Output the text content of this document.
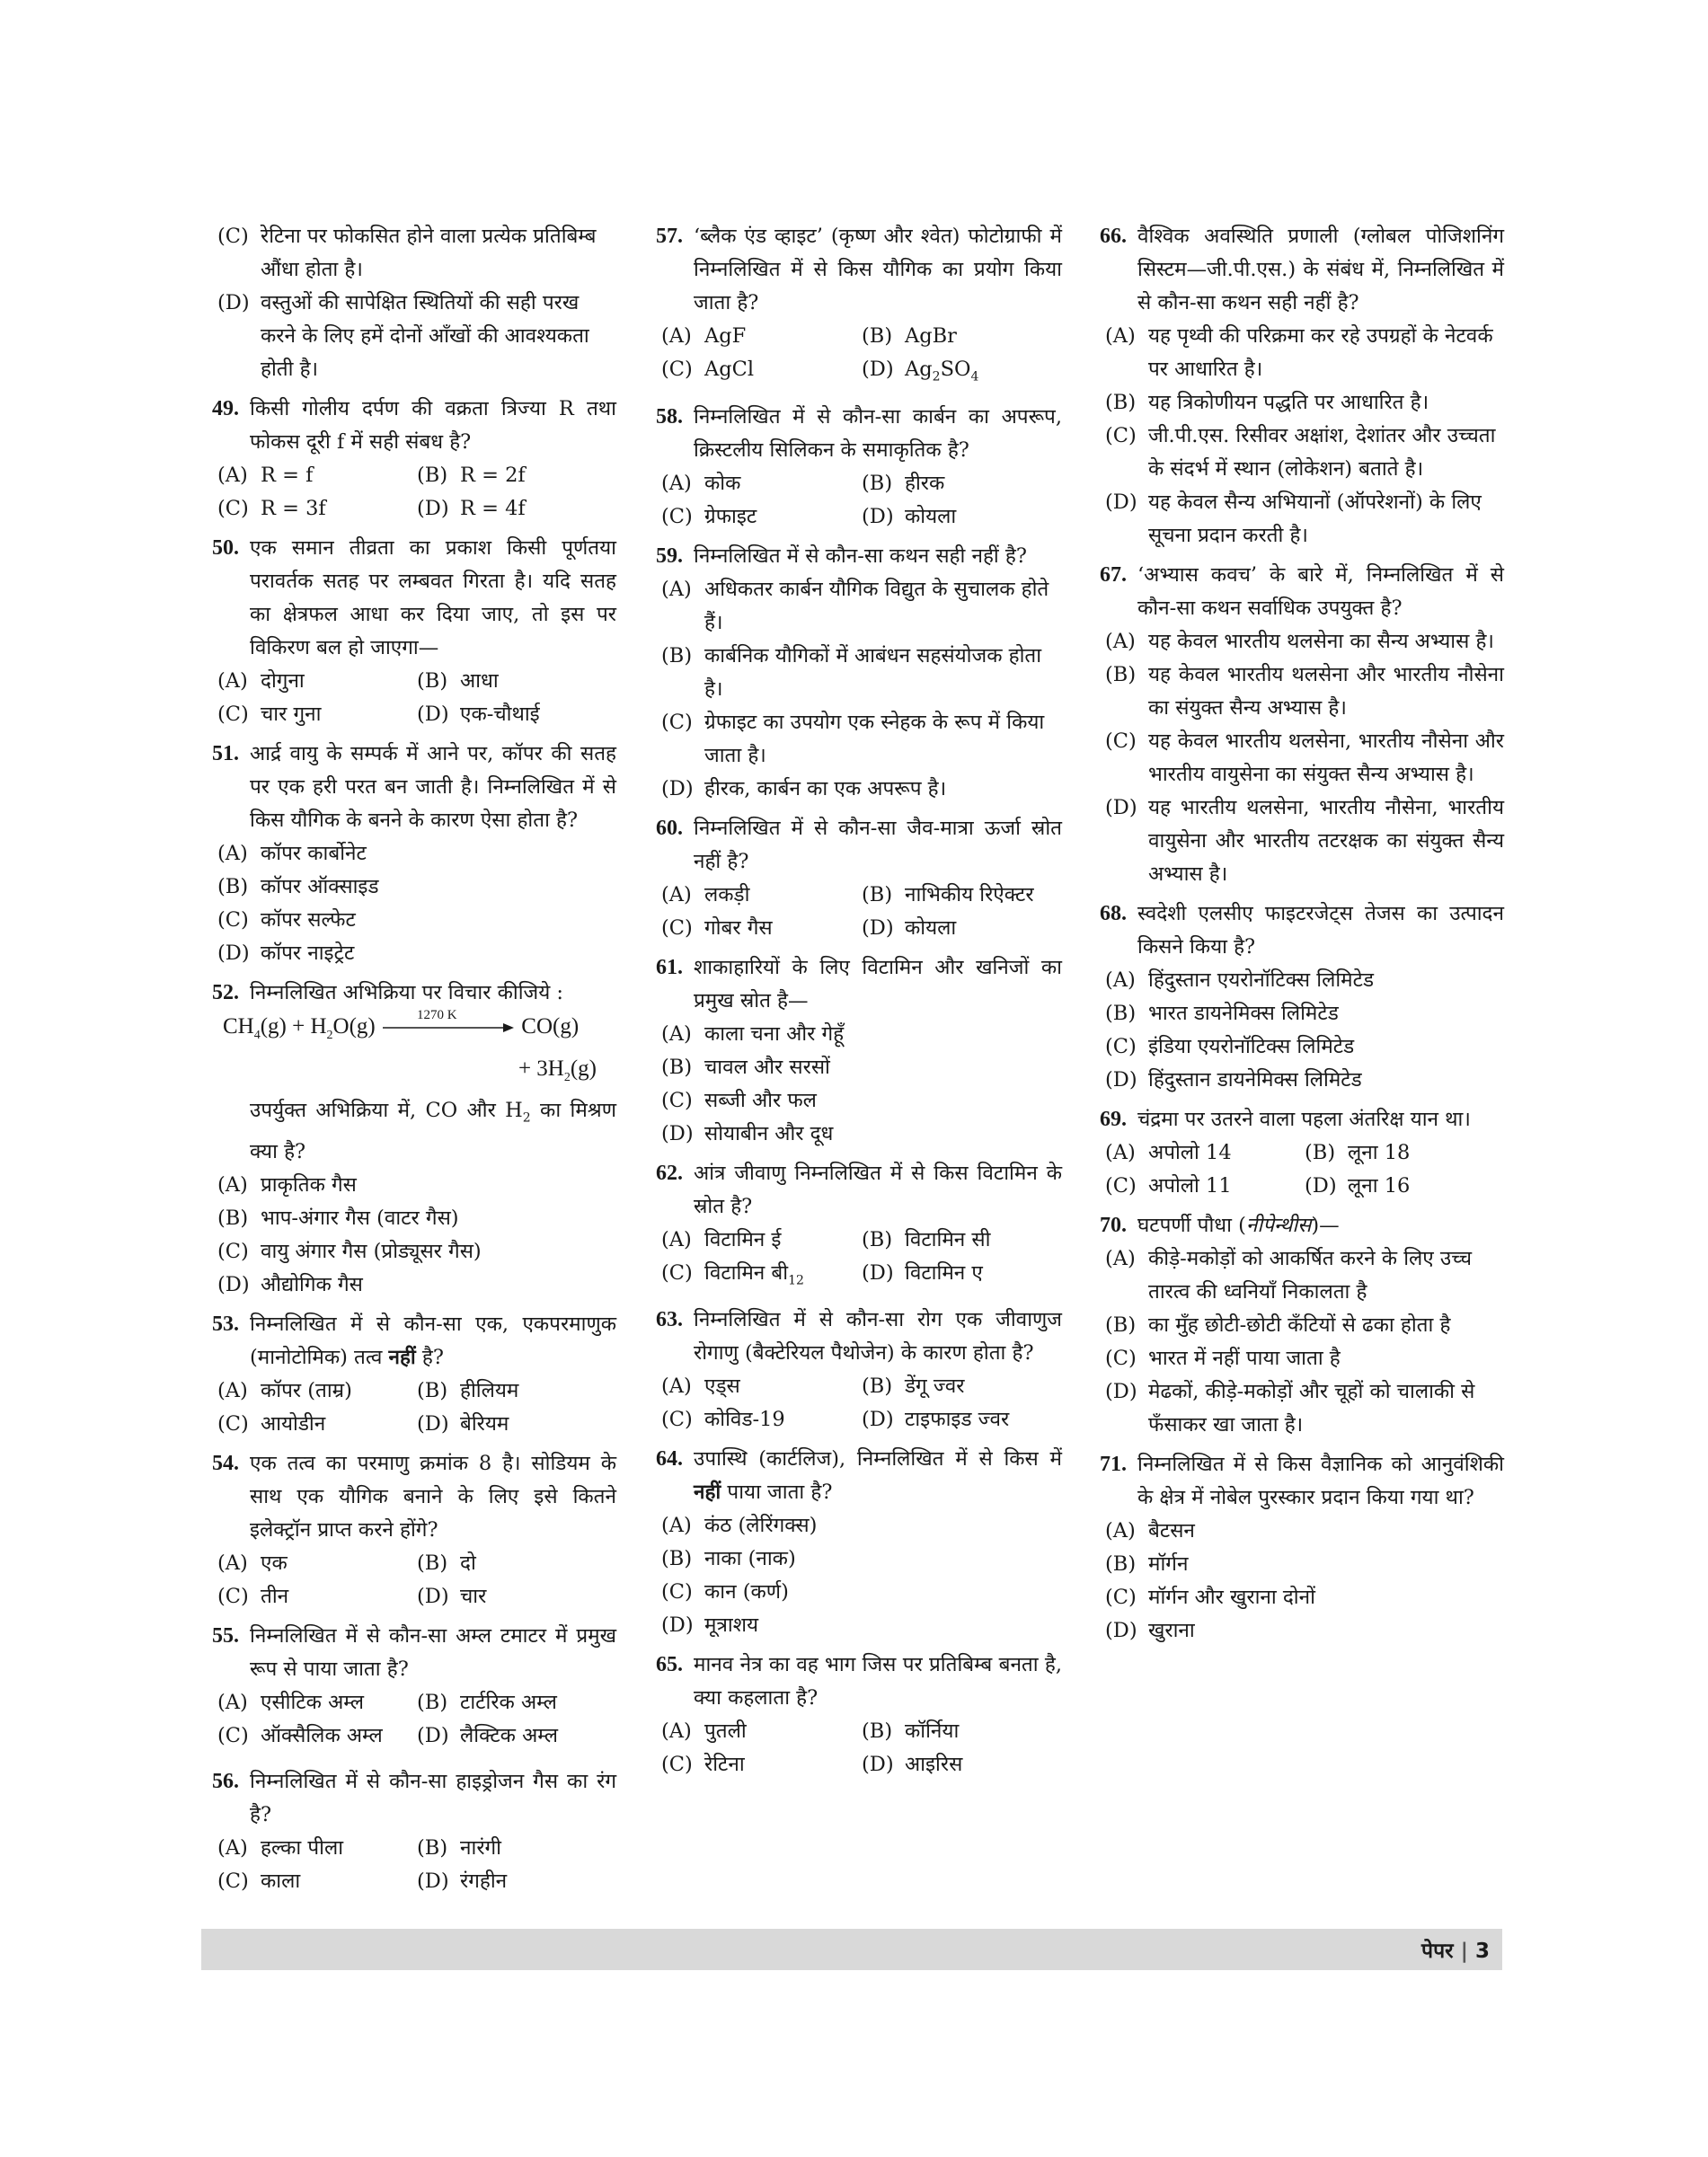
(C) रेटिना पर फोकसित होने वाला प्रत्येक प्रतिबिम्ब औंधा होता है।
(D) वस्तुओं की सापेक्षित स्थितियों की सही परख करने के लिए हमें दोनों आँखों की आवश्यकता होती है।
49. किसी गोलीय दर्पण की वक्रता त्रिज्या R तथा फोकस दूरी f में सही संबध है?
(A) R = f	(B) R = 2f
(C) R = 3f	(D) R = 4f
50. एक समान तीव्रता का प्रकाश किसी पूर्णतया परावर्तक सतह पर लम्बवत गिरता है। यदि सतह का क्षेत्रफल आधा कर दिया जाए, तो इस पर विकिरण बल हो जाएगा—
(A) दोगुना	(B) आधा
(C) चार गुना	(D) एक-चौथाई
51. आर्द्र वायु के सम्पर्क में आने पर, कॉपर की सतह पर एक हरी परत बन जाती है। निम्नलिखित में से किस यौगिक के बनने के कारण ऐसा होता है?
(A) कॉपर कार्बोनेट
(B) कॉपर ऑक्साइड
(C) कॉपर सल्फेट
(D) कॉपर नाइट्रेट
52. निम्नलिखित अभिक्रिया पर विचार कीजिये :
$CH_4(g) + H_2O(g)$	1270 K	CO(g)
+ $3H_2(g)$
उपर्युक्त अभिक्रिया में, CO और $H_2$ का मिश्रण क्या है?
(A) प्राकृतिक गैस
(B) भाप-अंगार गैस (वाटर गैस)
(C) वायु अंगार गैस (प्रोड्यूसर गैस)
(D) औद्योगिक गैस
53. निम्नलिखित में से कौन-सा एक, एकपरमाणुक (मानोटोमिक) तत्व नहीं है?
(A) कॉपर (ताम्र)	(B) हीलियम
(C) आयोडीन	(D) बेरियम
54. एक तत्व का परमाणु क्रमांक 8 है। सोडियम के साथ एक यौगिक बनाने के लिए इसे कितने इलेक्ट्रॉन प्राप्त करने होंगे?
(A) एक	(B) दो
(C) तीन	(D) चार
55. निम्नलिखित में से कौन-सा अम्ल टमाटर में प्रमुख रूप से पाया जाता है?
(A) एसीटिक अम्ल	(B) टार्टरिक अम्ल
(C) ऑक्सैलिक अम्ल	(D) लैक्टिक अम्ल
56. निम्नलिखित में से कौन-सा हाइड्रोजन गैस का रंग है?
(A) हल्का पीला	(B) नारंगी
(C) काला	(D) रंगहीन
57. ‘ब्लैक एंड व्हाइट’ (कृष्ण और श्वेत) फोटोग्राफी में निम्नलिखित में से किस यौगिक का प्रयोग किया जाता है?
(A) AgF	(B) AgBr
(C) AgCl	(D) $Ag_2SO_4$
58. निम्नलिखित में से कौन-सा कार्बन का अपरूप, क्रिस्टलीय सिलिकन के समाकृतिक है?
(A) कोक	(B) हीरक
(C) ग्रेफाइट	(D) कोयला
59. निम्नलिखित में से कौन-सा कथन सही नहीं है?
(A) अधिकतर कार्बन यौगिक विद्युत के सुचालक होते हैं।
(B) कार्बनिक यौगिकों में आबंधन सहसंयोजक होता है।
(C) ग्रेफाइट का उपयोग एक स्नेहक के रूप में किया जाता है।
(D) हीरक, कार्बन का एक अपरूप है।
60. निम्नलिखित में से कौन-सा जैव-मात्रा ऊर्जा स्रोत नहीं है?
(A) लकड़ी	(B) नाभिकीय रिऐक्टर
(C) गोबर गैस	(D) कोयला
61. शाकाहारियों के लिए विटामिन और खनिजों का प्रमुख स्रोत है—
(A) काला चना और गेहूँ
(B) चावल और सरसों
(C) सब्जी और फल
(D) सोयाबीन और दूध
62. आंत्र जीवाणु निम्नलिखित में से किस विटामिन के स्रोत है?
(A) विटामिन ई	(B) विटामिन सी
(C) विटामिन $बी_{12}$	(D) विटामिन ए
63. निम्नलिखित में से कौन-सा रोग एक जीवाणुज रोगाणु (बैक्टेरियल पैथोजेन) के कारण होता है?
(A) एड्स	(B) डेंगू ज्वर
(C) कोविड-19	(D) टाइफाइड ज्वर
64. उपास्थि (कार्टलिज), निम्नलिखित में से किस में नहीं पाया जाता है?
(A) कंठ (लेरिंगक्स)
(B) नाका (नाक)
(C) कान (कर्ण)
(D) मूत्राशय
65. मानव नेत्र का वह भाग जिस पर प्रतिबिम्ब बनता है, क्या कहलाता है?
(A) पुतली	(B) कॉर्निया
(C) रेटिना	(D) आइरिस
66. वैश्विक अवस्थिति प्रणाली (ग्लोबल पोजिशनिंग सिस्टम—जी.पी.एस.) के संबंध में, निम्नलिखित में से कौन-सा कथन सही नहीं है?
(A) यह पृथ्वी की परिक्रमा कर रहे उपग्रहों के नेटवर्क पर आधारित है।
(B) यह त्रिकोणीयन पद्धति पर आधारित है।
(C) जी.पी.एस. रिसीवर अक्षांश, देशांतर और उच्चता के संदर्भ में स्थान (लोकेशन) बताते है।
(D) यह केवल सैन्य अभियानों (ऑपरेशनों) के लिए सूचना प्रदान करती है।
67. ‘अभ्यास कवच’ के बारे में, निम्नलिखित में से कौन-सा कथन सर्वाधिक उपयुक्त है?
(A) यह केवल भारतीय थलसेना का सैन्य अभ्यास है।
(B) यह केवल भारतीय थलसेना और भारतीय नौसेना का संयुक्त सैन्य अभ्यास है।
(C) यह केवल भारतीय थलसेना, भारतीय नौसेना और भारतीय वायुसेना का संयुक्त सैन्य अभ्यास है।
(D) यह भारतीय थलसेना, भारतीय नौसेना, भारतीय वायुसेना और भारतीय तटरक्षक का संयुक्त सैन्य अभ्यास है।
68. स्वदेशी एलसीए फाइटरजेट्स तेजस का उत्पादन किसने किया है?
(A) हिंदुस्तान एयरोनॉटिक्स लिमिटेड
(B) भारत डायनेमिक्स लिमिटेड
(C) इंडिया एयरोनॉटिक्स लिमिटेड
(D) हिंदुस्तान डायनेमिक्स लिमिटेड
69. चंद्रमा पर उतरने वाला पहला अंतरिक्ष यान था।
(A) अपोलो 14	(B) लूना 18
(C) अपोलो 11	(D) लूना 16
70. घटपर्णी पौधा (नीपेन्थीस)—
(A) कीड़े-मकोड़ों को आकर्षित करने के लिए उच्च तारत्व की ध्वनियाँ निकालता है
(B) का मुँह छोटी-छोटी कँटियों से ढका होता है
(C) भारत में नहीं पाया जाता है
(D) मेढकों, कीड़े-मकोड़ों और चूहों को चालाकी से फँसाकर खा जाता है।
71. निम्नलिखित में से किस वैज्ञानिक को आनुवंशिकी के क्षेत्र में नोबेल पुरस्कार प्रदान किया गया था?
(A) बैटसन
(B) मॉर्गन
(C) मॉर्गन और खुराना दोनों
(D) खुराना
पेपर | 3
